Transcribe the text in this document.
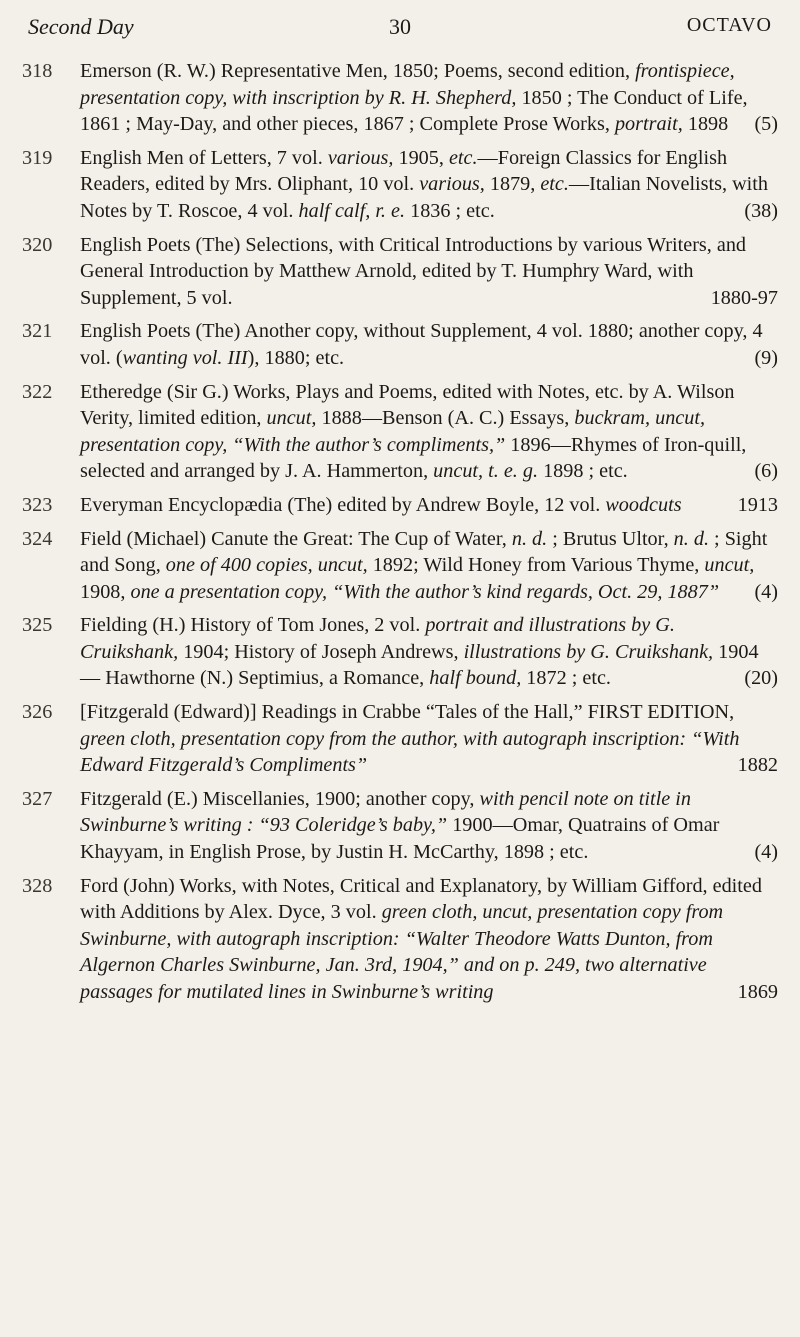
Second Day	30	OCTAVO
318	Emerson (R. W.) Representative Men, 1850; Poems, second edition, frontispiece, presentation copy, with inscription by R. H. Shepherd, 1850 ; The Conduct of Life, 1861 ; May-Day, and other pieces, 1867 ; Complete Prose Works, portrait, 1898	(5)
319	English Men of Letters, 7 vol. various, 1905, etc.—Foreign Classics for English Readers, edited by Mrs. Oliphant, 10 vol. various, 1879, etc.—Italian Novelists, with Notes by T. Roscoe, 4 vol. half calf, r. e. 1836 ; etc.	(38)
320	English Poets (The) Selections, with Critical Introductions by various Writers, and General Introduction by Matthew Arnold, edited by T. Humphry Ward, with Supplement, 5 vol.	1880-97
321	English Poets (The) Another copy, without Supplement, 4 vol. 1880; another copy, 4 vol. (wanting vol. III), 1880; etc.	(9)
322	Etheredge (Sir G.) Works, Plays and Poems, edited with Notes, etc. by A. Wilson Verity, limited edition, uncut, 1888—Benson (A. C.) Essays, buckram, uncut, presentation copy, “With the author’s compliments,” 1896—Rhymes of Iron-quill, selected and arranged by J. A. Hammerton, uncut, t. e. g. 1898 ; etc.	(6)
323	Everyman Encyclopædia (The) edited by Andrew Boyle, 12 vol. woodcuts	1913
324	Field (Michael) Canute the Great: The Cup of Water, n. d. ; Brutus Ultor, n. d. ; Sight and Song, one of 400 copies, uncut, 1892; Wild Honey from Various Thyme, uncut, 1908, one a presentation copy, “With the author’s kind regards, Oct. 29, 1887”	(4)
325	Fielding (H.) History of Tom Jones, 2 vol. portrait and illustrations by G. Cruikshank, 1904; History of Joseph Andrews, illustrations by G. Cruikshank, 1904 — Hawthorne (N.) Septimius, a Romance, half bound, 1872 ; etc.	(20)
326	[Fitzgerald (Edward)] Readings in Crabbe “Tales of the Hall,” FIRST EDITION, green cloth, presentation copy from the author, with autograph inscription: “With Edward Fitzgerald’s Compliments”	1882
327	Fitzgerald (E.) Miscellanies, 1900; another copy, with pencil note on title in Swinburne’s writing : “93 Coleridge’s baby,” 1900—Omar, Quatrains of Omar Khayyam, in English Prose, by Justin H. McCarthy, 1898 ; etc.	(4)
328	Ford (John) Works, with Notes, Critical and Explanatory, by William Gifford, edited with Additions by Alex. Dyce, 3 vol. green cloth, uncut, presentation copy from Swinburne, with autograph inscription: “Walter Theodore Watts Dunton, from Algernon Charles Swinburne, Jan. 3rd, 1904,” and on p. 249, two alternative passages for mutilated lines in Swinburne’s writing	1869
